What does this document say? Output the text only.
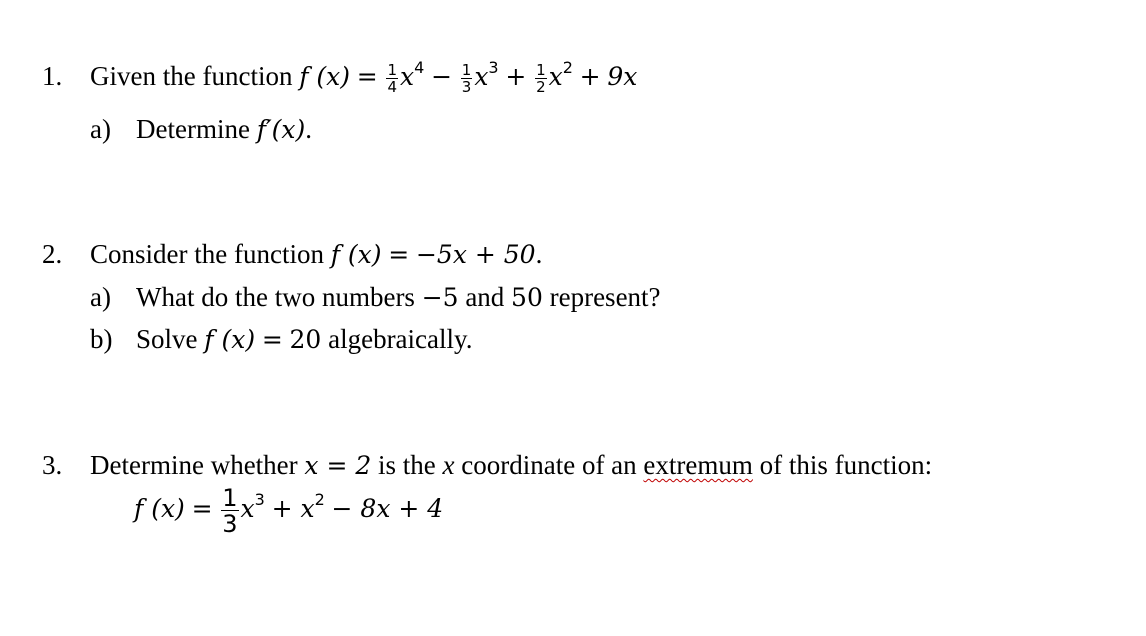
1. Given the function f $(x) = \frac{1}{4} x^4 - \frac{1}{3} x^3 + \frac{1}{2} x^2 + 9x$
a) Determine f′(x).
2. Consider the function f (x) = −5x + 50.
a) What do the two numbers −5 and 50 represent?
b) Solve f (x) = 20 algebraically.
3. Determine whether x = 2 is the x coordinate of an extremum of this function:
f $(x) = \frac{1}{3} x^3 + x^2 - 8x + 4$
